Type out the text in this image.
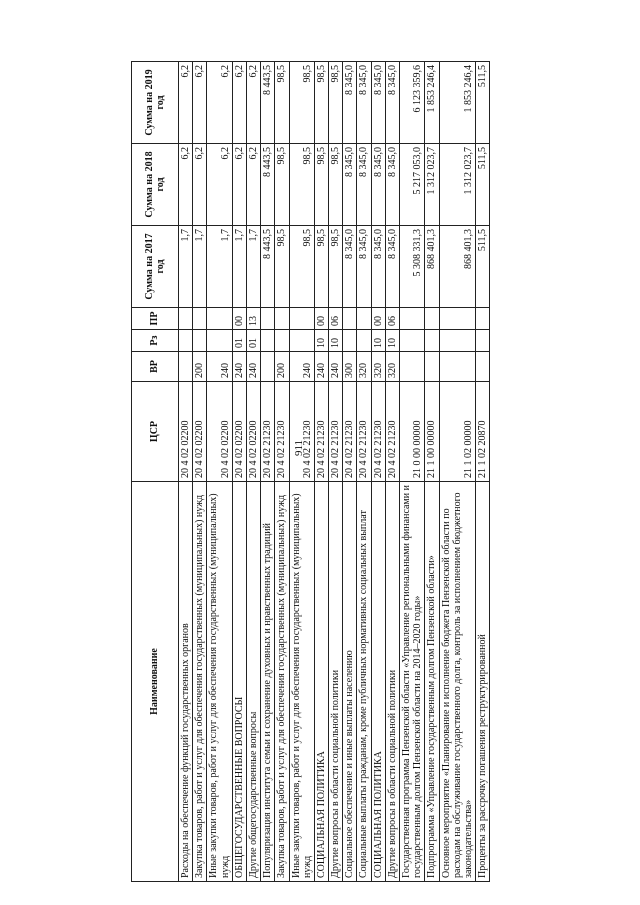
911
Наименование	ЦСР	ВР	Рз	ПР	Сумма на 2017 год	Сумма на 2018 год	Сумма на 2019 год
Расходы на обеспечение функций государственных органов	20 4 02 02200				1,7	6,2	6,2
Закупка товаров, работ и услуг для обеспечения государственных (муниципальных) нужд	20 4 02 02200	200			1,7	6,2	6,2
Иные закупки товаров, работ и услуг для обеспечения государственных (муниципальных) нужд	20 4 02 02200	240			1,7	6,2	6,2
ОБЩЕГОСУДАРСТВЕННЫЕ ВОПРОСЫ	20 4 02 02200	240	01	00	1,7	6,2	6,2
Другие общегосударственные вопросы	20 4 02 02200	240	01	13	1,7	6,2	6,2
Популяризация института семьи и сохранение духовных и нравственных традиций	20 4 02 21230				8 443,5	8 443,5	8 443,5
Закупка товаров, работ и услуг для обеспечения государственных (муниципальных) нужд	20 4 02 21230	200			98,5	98,5	98,5
Иные закупки товаров, работ и услуг для обеспечения государственных (муниципальных) нужд	20 4 02 21230	240			98,5	98,5	98,5
СОЦИАЛЬНАЯ ПОЛИТИКА	20 4 02 21230	240	10	00	98,5	98,5	98,5
Другие вопросы в области социальной политики	20 4 02 21230	240	10	06	98,5	98,5	98,5
Социальное обеспечение и иные выплаты населению	20 4 02 21230	300			8 345,0	8 345,0	8 345,0
Социальные выплаты гражданам, кроме публичных нормативных социальных выплат	20 4 02 21230	320			8 345,0	8 345,0	8 345,0
СОЦИАЛЬНАЯ ПОЛИТИКА	20 4 02 21230	320	10	00	8 345,0	8 345,0	8 345,0
Другие вопросы в области социальной политики	20 4 02 21230	320	10	06	8 345,0	8 345,0	8 345,0
Государственная программа Пензенской области «Управление региональными финансами и государственным долгом Пензенской области на 2014–2020 годы»	21 0 00 00000				5 308 331,3	5 217 053,0	6 123 359,6
Подпрограмма «Управление государственным долгом Пензенской области»	21 1 00 00000				868 401,3	1 312 023,7	1 853 246,4
Основное мероприятие «Планирование и исполнение бюджета Пензенской области по расходам на обслуживание государственного долга, контроль за исполнением бюджетного законодательства»	21 1 02 00000				868 401,3	1 312 023,7	1 853 246,4
Проценты за рассрочку погашения реструктурированной	21 1 02 20870				511,5	511,5	511,5
